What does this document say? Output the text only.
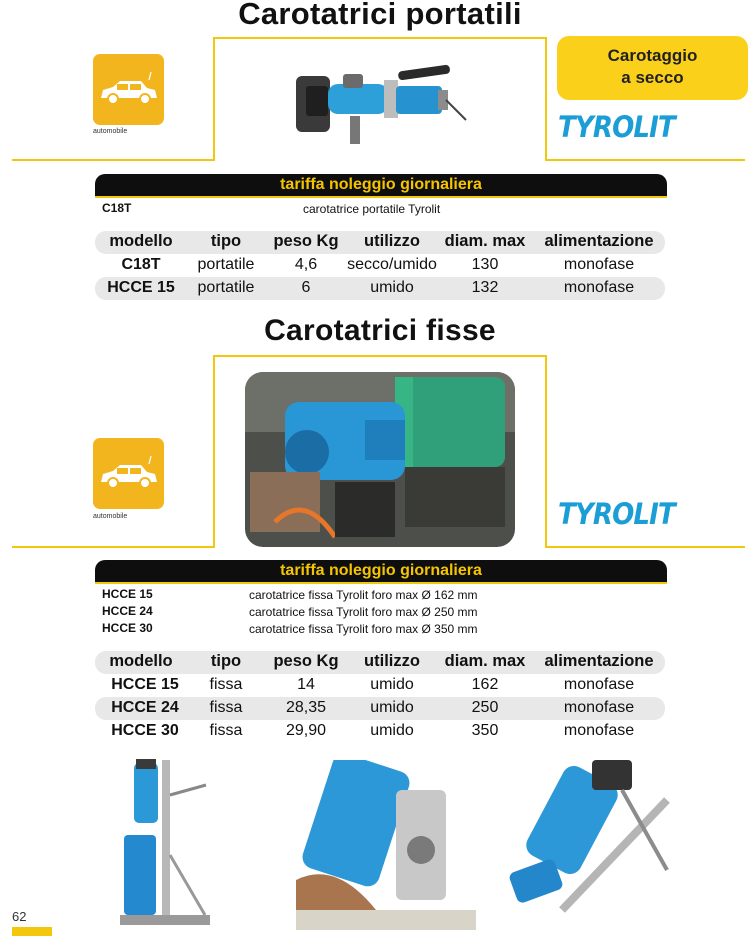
Carotatrici portatili
automobile
Carotaggio
a secco
TYROLIT
tariffa noleggio giornaliera
C18T	carotatrice portatile Tyrolit
modello	tipo	peso Kg	utilizzo	diam. max	alimentazione
C18T	portatile	4,6	secco/umido	130	monofase
HCCE 15	portatile	6	umido	132	monofase
Carotatrici fisse
automobile	TYROLIT
tariffa noleggio giornaliera
HCCE 15	carotatrice fissa Tyrolit foro max Ø 162 mm
HCCE 24	carotatrice fissa Tyrolit foro max Ø 250 mm
HCCE 30	carotatrice fissa Tyrolit foro max Ø 350 mm
modello	tipo	peso Kg	utilizzo	diam. max	alimentazione
HCCE 15	fissa	14	umido	162	monofase
HCCE 24	fissa	28,35	umido	250	monofase
HCCE 30	fissa	29,90	umido	350	monofase
62
